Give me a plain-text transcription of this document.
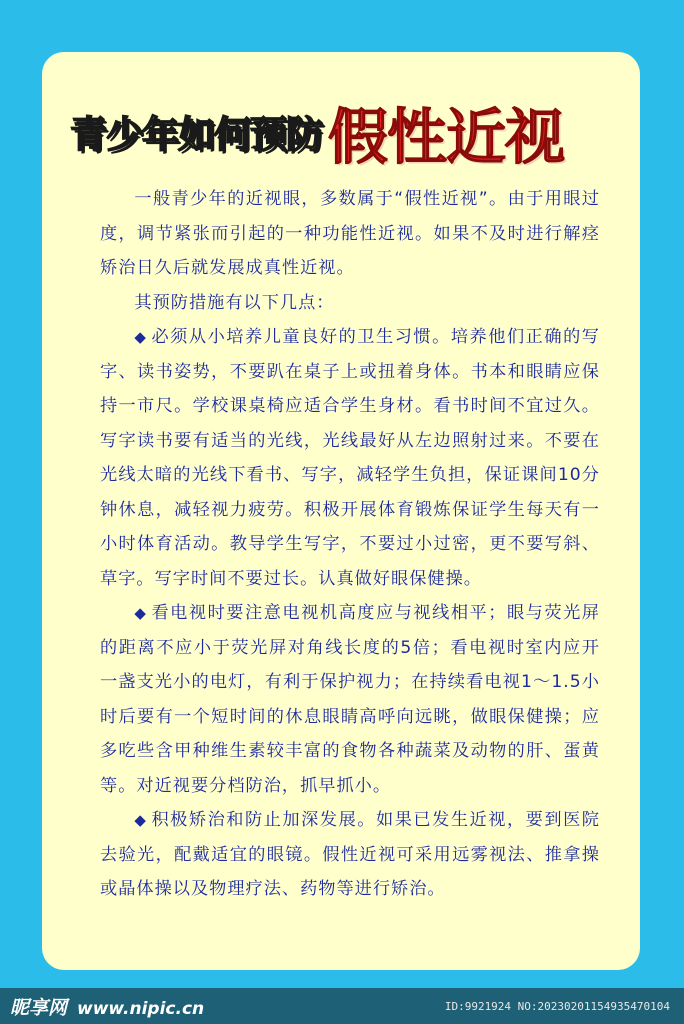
青少年如何预防 假性近视

一般青少年的近视眼，多数属于“假性近视”。由于用眼过度，调节紧张而引起的一种功能性近视。如果不及时进行解痉矫治日久后就发展成真性近视。

其预防措施有以下几点：

◆ 必须从小培养儿童良好的卫生习惯。培养他们正确的写字、读书姿势，不要趴在桌子上或扭着身体。书本和眼睛应保持一市尺。学校课桌椅应适合学生身材。看书时间不宜过久。写字读书要有适当的光线，光线最好从左边照射过来。不要在光线太暗的光线下看书、写字，减轻学生负担，保证课间10分钟休息，减轻视力疲劳。积极开展体育锻炼保证学生每天有一小时体育活动。教导学生写字，不要过小过密，更不要写斜、草字。写字时间不要过长。认真做好眼保健操。

◆ 看电视时要注意电视机高度应与视线相平；眼与荧光屏的距离不应小于荧光屏对角线长度的5倍；看电视时室内应开一盏支光小的电灯，有利于保护视力；在持续看电视1～1.5小时后要有一个短时间的休息眼睛高呼向远眺，做眼保健操；应多吃些含甲种维生素较丰富的食物各种蔬菜及动物的肝、蛋黄等。对近视要分档防治，抓早抓小。

◆ 积极矫治和防止加深发展。如果已发生近视，要到医院去验光，配戴适宜的眼镜。假性近视可采用远雾视法、推拿操或晶体操以及物理疗法、药物等进行矫治。

昵享网 www.nipic.cn	ID:9921924 NO:20230201154935470104
